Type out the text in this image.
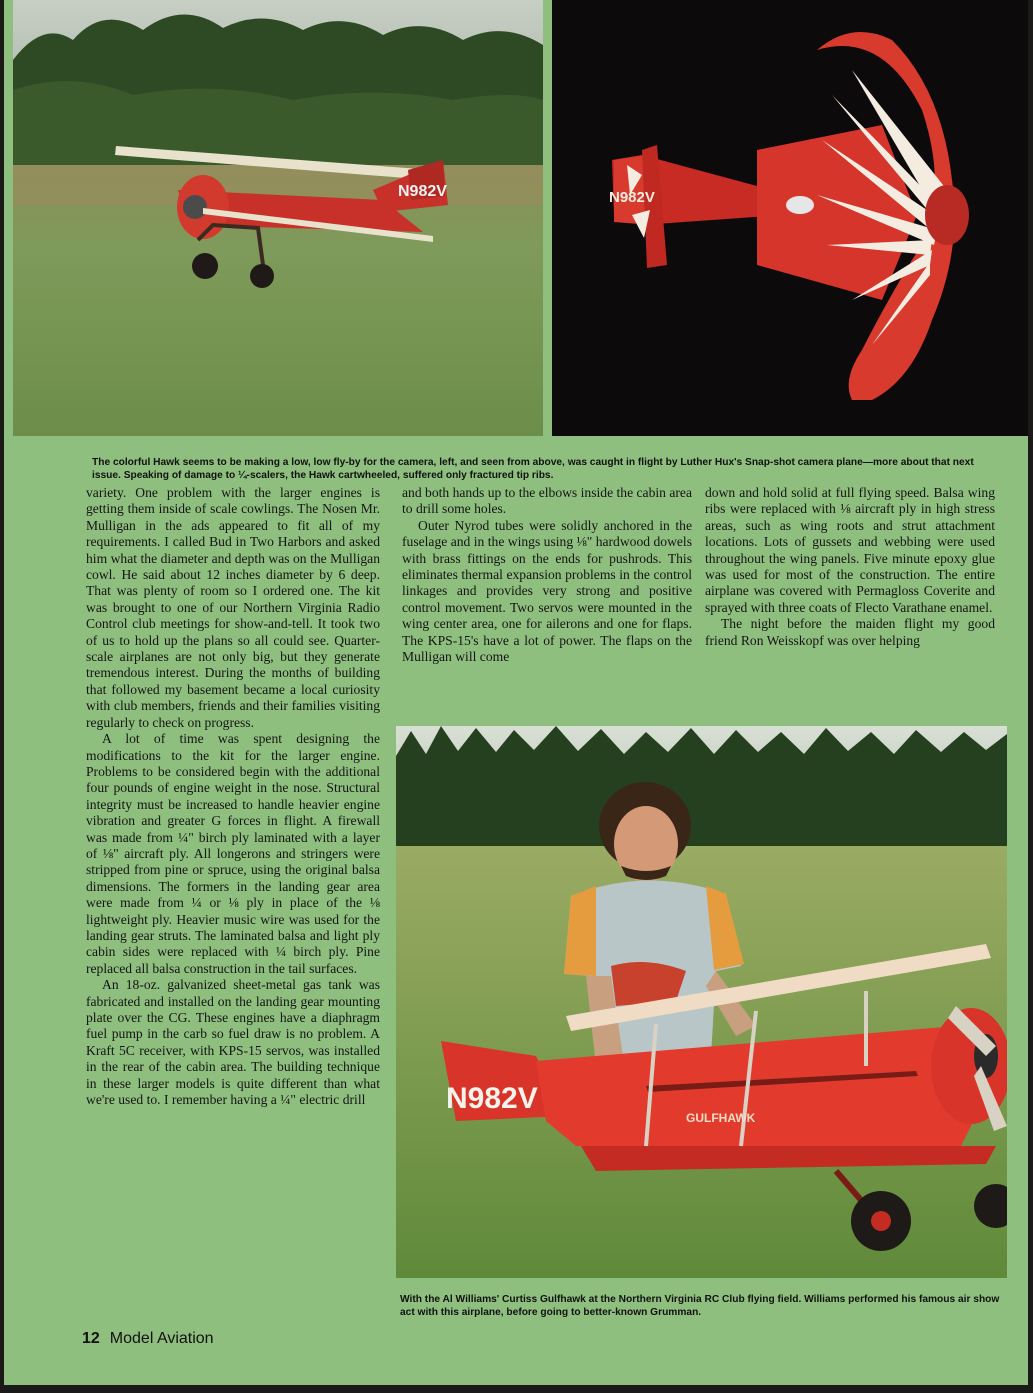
N982V	N982V

The colorful Hawk seems to be making a low, low fly-by for the camera, left, and seen from above, was caught in flight by Luther Hux's Snap-shot camera plane—more about that next issue. Speaking of damage to ¼-scalers, the Hawk cartwheeled, suffered only fractured tip ribs.

variety. One problem with the larger engines is getting them inside of scale cowlings. The Nosen Mr. Mulligan in the ads appeared to fit all of my requirements. I called Bud in Two Harbors and asked him what the diameter and depth was on the Mulligan cowl. He said about 12 inches diameter by 6 deep. That was plenty of room so I ordered one. The kit was brought to one of our Northern Virginia Radio Control club meetings for show-and-tell. It took two of us to hold up the plans so all could see. Quarter-scale airplanes are not only big, but they generate tremendous interest. During the months of building that followed my basement became a local curiosity with club members, friends and their families visiting regularly to check on progress.

A lot of time was spent designing the modifications to the kit for the larger engine. Problems to be considered begin with the additional four pounds of engine weight in the nose. Structural integrity must be increased to handle heavier engine vibration and greater G forces in flight. A firewall was made from ¼" birch ply laminated with a layer of ⅛" aircraft ply. All longerons and stringers were stripped from pine or spruce, using the original balsa dimensions. The formers in the landing gear area were made from ¼ or ⅛ ply in place of the ⅛ lightweight ply. Heavier music wire was used for the landing gear struts. The laminated balsa and light ply cabin sides were replaced with ¼ birch ply. Pine replaced all balsa construction in the tail surfaces.

An 18-oz. galvanized sheet-metal gas tank was fabricated and installed on the landing gear mounting plate over the CG. These engines have a diaphragm fuel pump in the carb so fuel draw is no problem. A Kraft 5C receiver, with KPS-15 servos, was installed in the rear of the cabin area. The building technique in these larger models is quite different than what we're used to. I remember having a ¼" electric drill

and both hands up to the elbows inside the cabin area to drill some holes.

Outer Nyrod tubes were solidly anchored in the fuselage and in the wings using ⅛" hardwood dowels with brass fittings on the ends for pushrods. This eliminates thermal expansion problems in the control linkages and provides very strong and positive control movement. Two servos were mounted in the wing center area, one for ailerons and one for flaps. The KPS-15's have a lot of power. The flaps on the Mulligan will come

down and hold solid at full flying speed. Balsa wing ribs were replaced with ⅛ aircraft ply in high stress areas, such as wing roots and strut attachment locations. Lots of gussets and webbing were used throughout the wing panels. Five minute epoxy glue was used for most of the construction. The entire airplane was covered with Permagloss Coverite and sprayed with three coats of Flecto Varathane enamel.

The night before the maiden flight my good friend Ron Weisskopf was over helping

N982V
GULFHAWK

With the Al Williams' Curtiss Gulfhawk at the Northern Virginia RC Club flying field. Williams performed his famous air show act with this airplane, before going to better-known Grumman.

12 Model Aviation
